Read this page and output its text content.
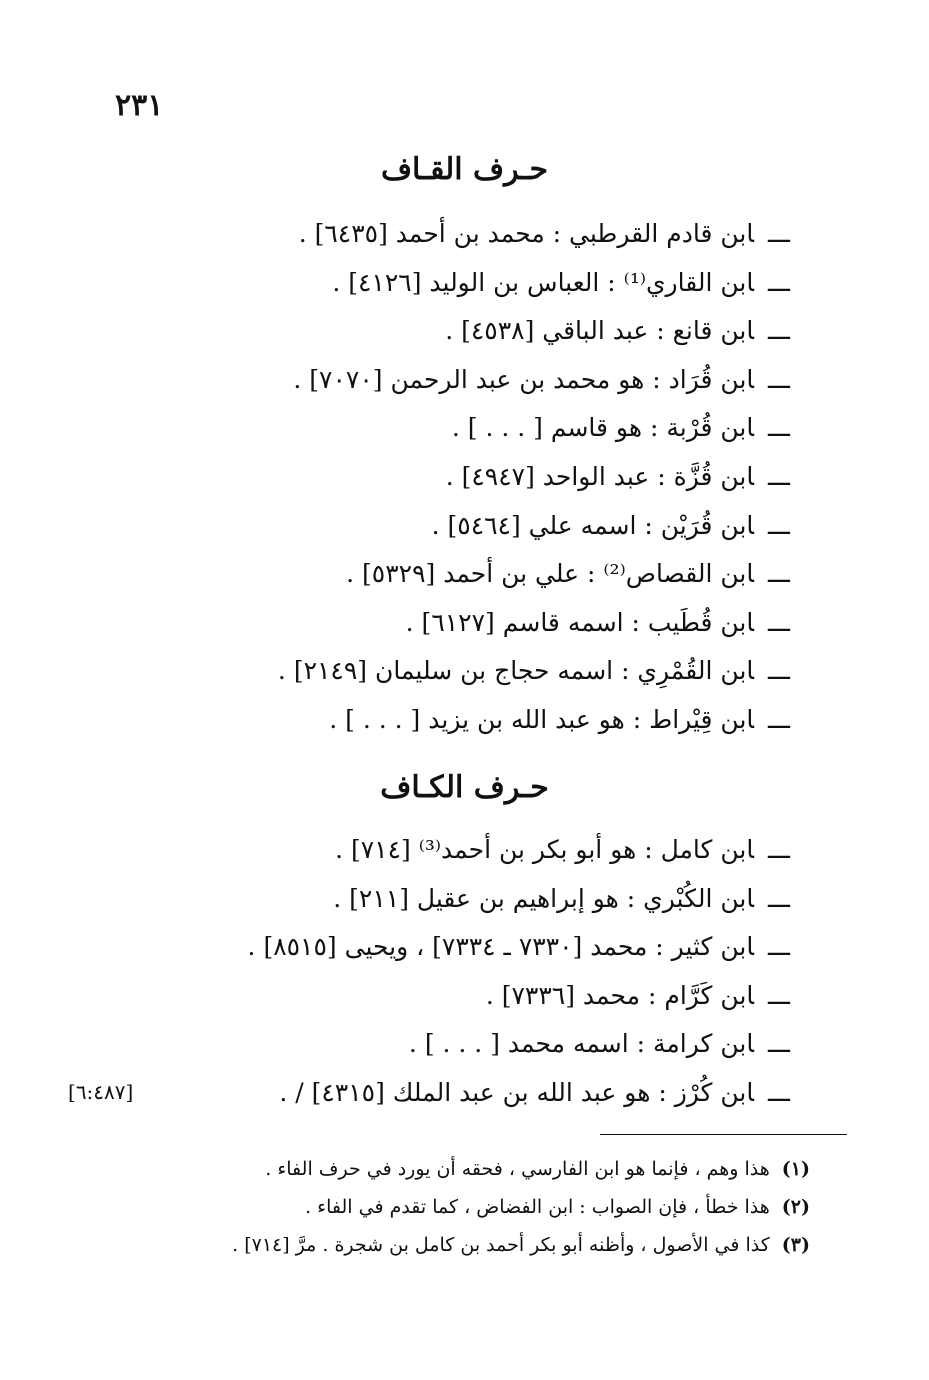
٢٣١
حـرف القـاف
ـــابن قادم القرطبي : محمد بن أحمد [٦٤٣٥] .
ـــابن القاري⁽¹⁾ : العباس بن الوليد [٤١٢٦] .
ـــابن قانع : عبد الباقي [٤٥٣٨] .
ـــابن قُرَاد : هو محمد بن عبد الرحمن [٧٠٧٠] .
ـــابن قُرْبة : هو قاسم [ . . . ] .
ـــابن قُزَّة : عبد الواحد [٤٩٤٧] .
ـــابن قُرَيْن : اسمه علي [٥٤٦٤] .
ـــابن القصاص⁽²⁾ : علي بن أحمد [٥٣٢٩] .
ـــابن قُطَيب : اسمه قاسم [٦١٢٧] .
ـــابن القُمْرِي : اسمه حجاج بن سليمان [٢١٤٩] .
ـــابن قِيْراط : هو عبد الله بن يزيد [ . . . ] .
حـرف الكـاف
ـــابن كامل : هو أبو بكر بن أحمد⁽³⁾ [٧١٤] .
ـــابن الكُبْري : هو إبراهيم بن عقيل [٢١١] .
ـــابن كثير : محمد [٧٣٣٠ ـ ٧٣٣٤] ، ويحيى [٨٥١٥] .
ـــابن كَرَّام : محمد [٧٣٣٦] .
ـــابن كرامة : اسمه محمد [ . . . ] .
ـــابن كُرْز : هو عبد الله بن عبد الملك [٤٣١٥] / .
[٦:٤٨٧]
(١)هذا وهم ، فإنما هو ابن الفارسي ، فحقه أن يورد في حرف الفاء .
(٢)هذا خطأ ، فإن الصواب : ابن الفضاض ، كما تقدم في الفاء .
(٣)كذا في الأصول ، وأظنه أبو بكر أحمد بن كامل بن شجرة . مرَّ [٧١٤] .
